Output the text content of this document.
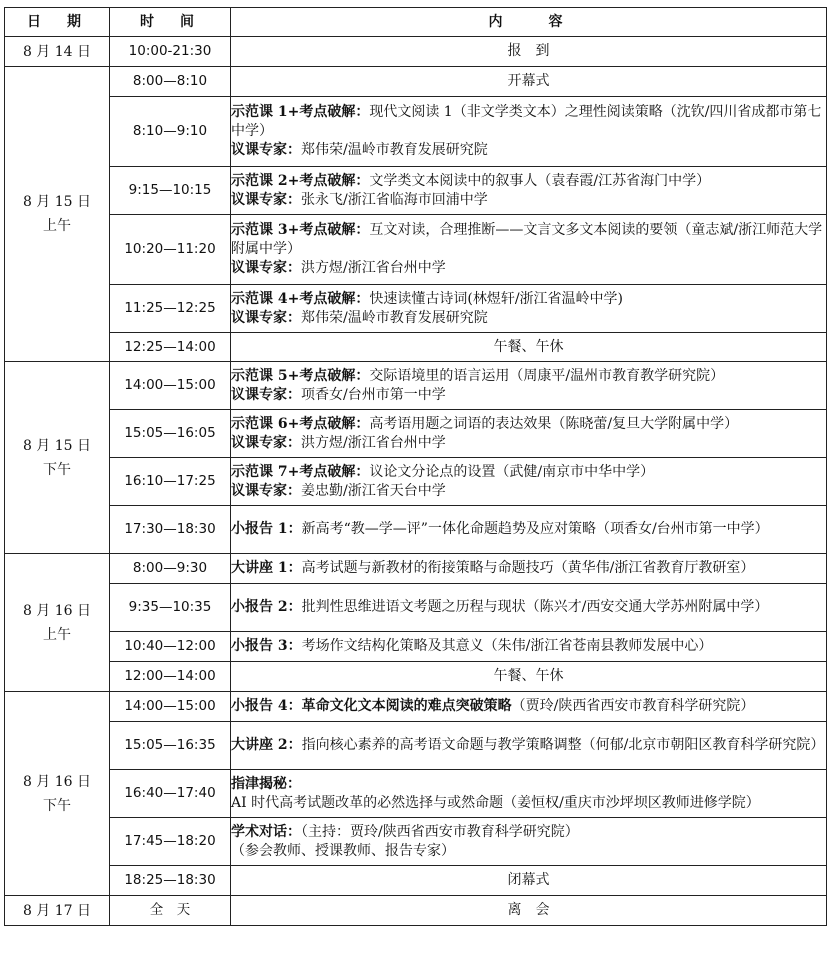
日　期	时　间	内　　容
8 月 14 日	10:00-21:30	报　到
8 月 15 日
上午	8:00—8:10	开幕式
	8:10—9:10	示范课 1+考点破解：现代文阅读 1（非文学类文本）之理性阅读策略（沈钦/四川省成都市第七中学）
议课专家：郑伟荣/温岭市教育发展研究院

	9:15—10:15	示范课 2+考点破解：文学类文本阅读中的叙事人（袁春霞/江苏省海门中学）
议课专家：张永飞/浙江省临海市回浦中学

	10:20—11:20	示范课 3+考点破解：互文对读，合理推断——文言文多文本阅读的要领（童志斌/浙江师范大学附属中学）
议课专家：洪方煜/浙江省台州中学

	11:25—12:25	示范课 4+考点破解：快速读懂古诗词(林煜轩/浙江省温岭中学)
议课专家：郑伟荣/温岭市教育发展研究院

	12:25—14:00	午餐、午休
8 月 15 日
下午	14:00—15:00	示范课 5+考点破解：交际语境里的语言运用（周康平/温州市教育教学研究院）
议课专家：项香女/台州市第一中学

	15:05—16:05	示范课 6+考点破解：高考语用题之词语的表达效果（陈晓蕾/复旦大学附属中学）
议课专家：洪方煜/浙江省台州中学

	16:10—17:25	示范课 7+考点破解：议论文分论点的设置（武健/南京市中华中学）
议课专家：姜忠勤/浙江省天台中学

	17:30—18:30	小报告 1：新高考“教—学—评”一体化命题趋势及应对策略（项香女/台州市第一中学）
8 月 16 日
上午	8:00—9:30	大讲座 1：高考试题与新教材的衔接策略与命题技巧（黄华伟/浙江省教育厅教研室）
	9:35—10:35	小报告 2：批判性思维进语文考题之历程与现状（陈兴才/西安交通大学苏州附属中学）
	10:40—12:00	小报告 3：考场作文结构化策略及其意义（朱伟/浙江省苍南县教师发展中心）
	12:00—14:00	午餐、午休
8 月 16 日
下午	14:00—15:00	小报告 4：革命文化文本阅读的难点突破策略（贾玲/陕西省西安市教育科学研究院）
	15:05—16:35	大讲座 2：指向核心素养的高考语文命题与教学策略调整（何郁/北京市朝阳区教育科学研究院）
	16:40—17:40	指津揭秘：AI 时代高考试题改革的必然选择与或然命题（姜恒权/重庆市沙坪坝区教师进修学院）
	17:45—18:20	学术对话：（主持：贾玲/陕西省西安市教育科学研究院）
（参会教师、授课教师、报告专家）

	18:25—18:30	闭幕式
8 月 17 日	全　天	离　会
